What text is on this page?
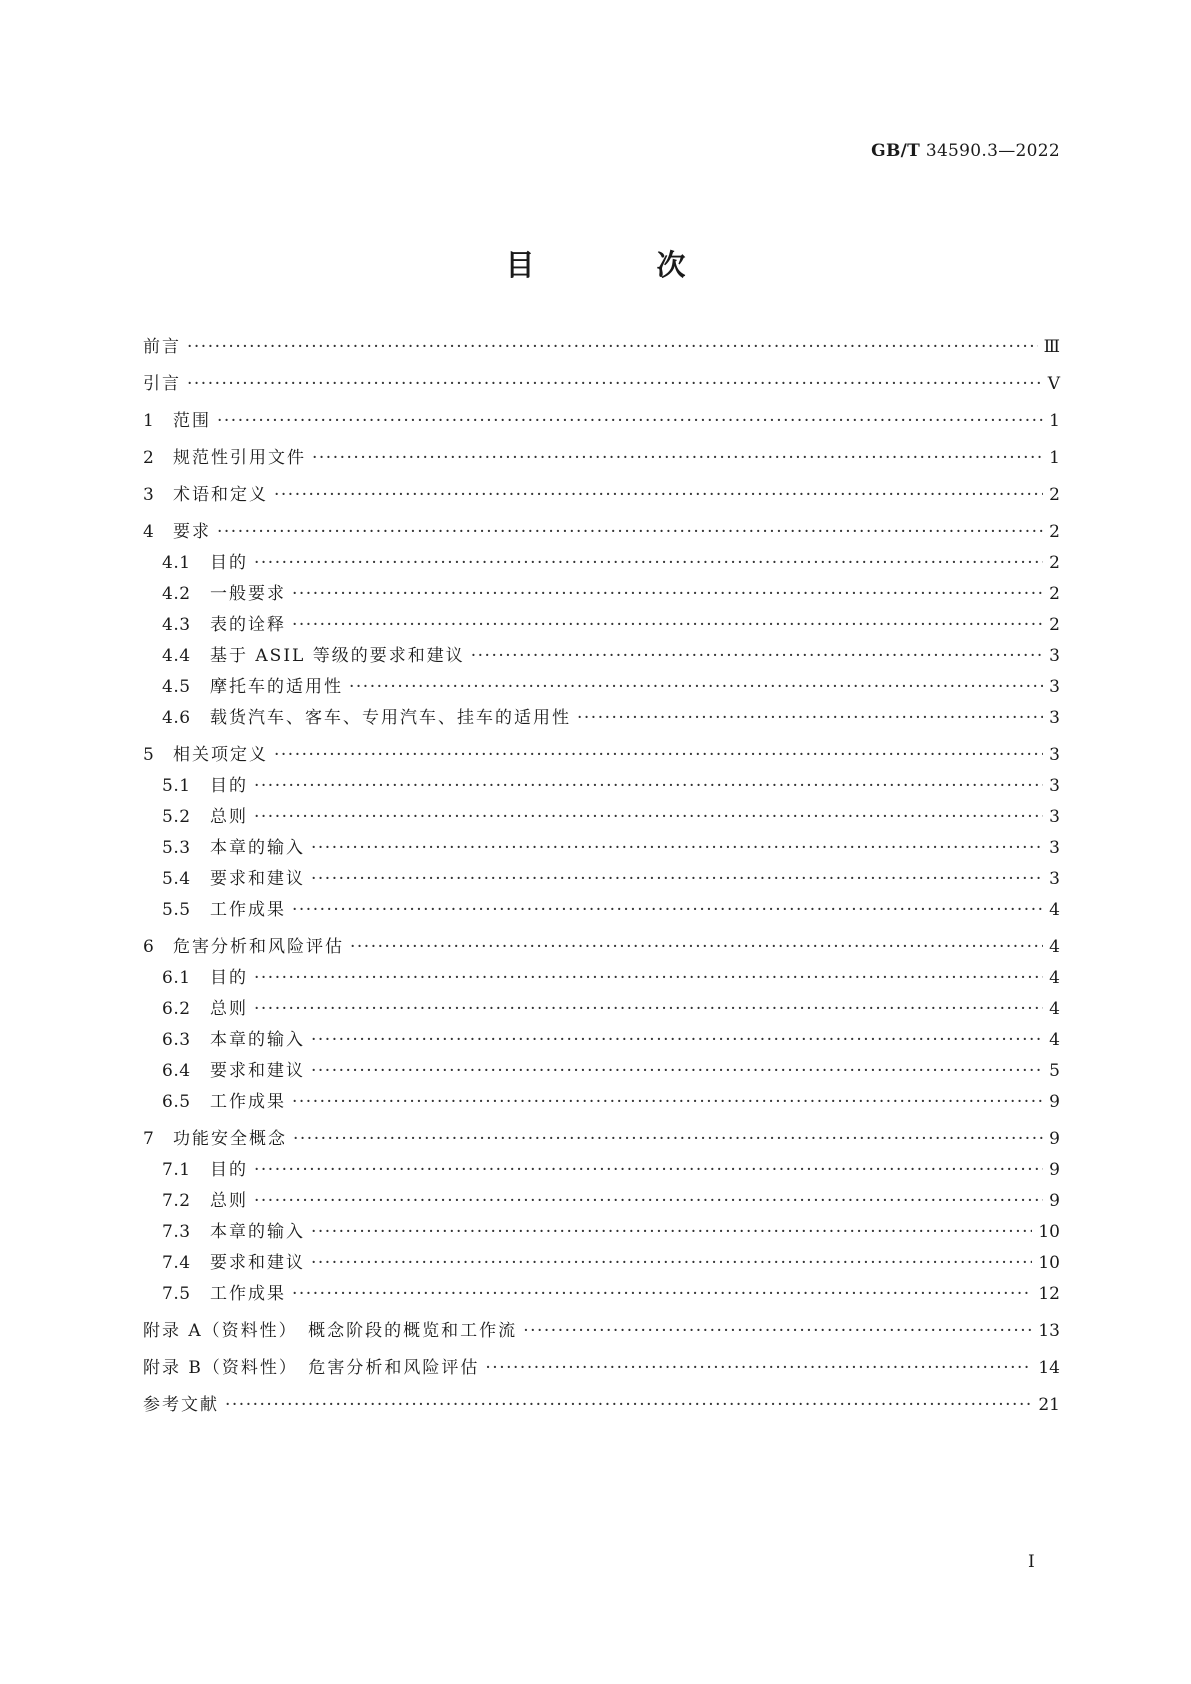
GB/T 34590.3—2022
目 次
前言 ·····	Ⅲ
引言 ·····	Ⅴ
1	范围 ·····	1
2	规范性引用文件 ·····	1
3	术语和定义 ·····	2
4	要求 ·····	2
4.1	目的 ·····	2
4.2	一般要求 ·····	2
4.3	表的诠释 ·····	2
4.4	基于 ASIL 等级的要求和建议 ·····	3
4.5	摩托车的适用性 ·····	3
4.6	载货汽车、客车、专用汽车、挂车的适用性 ·····	3
5	相关项定义 ·····	3
5.1	目的 ·····	3
5.2	总则 ·····	3
5.3	本章的输入 ·····	3
5.4	要求和建议 ·····	3
5.5	工作成果 ·····	4
6	危害分析和风险评估 ·····	4
6.1	目的 ·····	4
6.2	总则 ·····	4
6.3	本章的输入 ·····	4
6.4	要求和建议 ·····	5
6.5	工作成果 ·····	9
7	功能安全概念 ·····	9
7.1	目的 ·····	9
7.2	总则 ·····	9
7.3	本章的输入 ·····	10
7.4	要求和建议 ·····	10
7.5	工作成果 ·····	12
附录 A（资料性）　概念阶段的概览和工作流 ·····	13
附录 B（资料性）　危害分析和风险评估 ·····	14
参考文献 ·····	21
I
